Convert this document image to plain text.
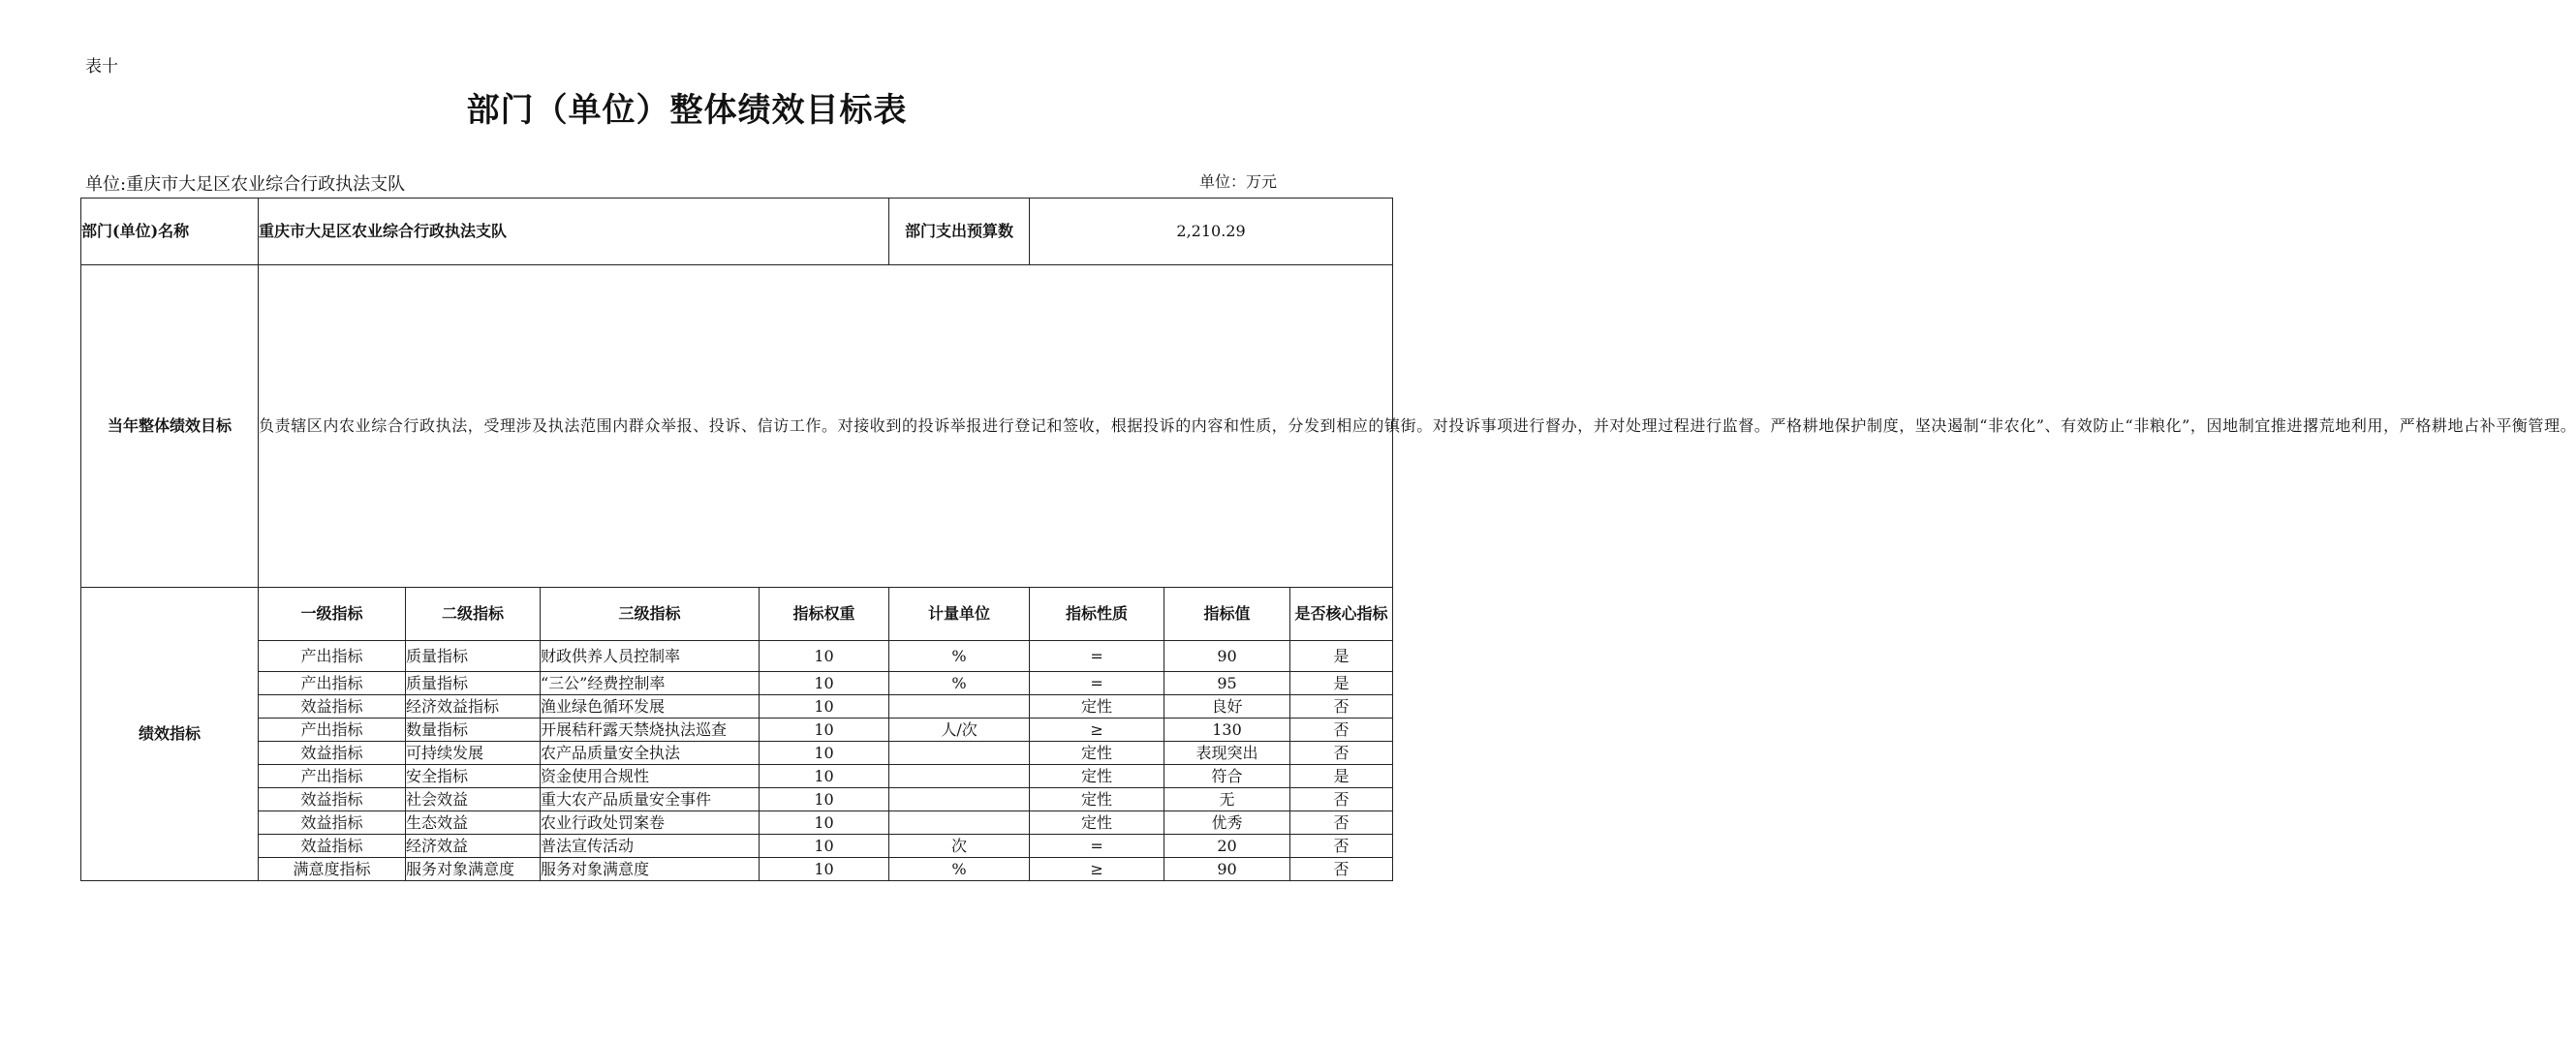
表十
部门（单位）整体绩效目标表
单位:重庆市大足区农业综合行政执法支队	单位：万元
部门(单位)名称	重庆市大足区农业综合行政执法支队				部门支出预算数	2,210.29		
当年整体绩效目标	负责辖区内农业综合行政执法，受理涉及执法范围内群众举报、投诉、信访工作。对接收到的投诉举报进行登记和签收，根据投诉的内容和性质，分发到相应的镇街。对投诉事项进行督办，并对处理过程进行监督。严格耕地保护制度，坚决遏制“非农化”、有效防止“非粮化”，因地制宜推进撂荒地利用，严格耕地占补平衡管理。							
绩效指标	一级指标	二级指标	三级指标	指标权重	计量单位	指标性质	指标值	是否核心指标
	产出指标	质量指标	财政供养人员控制率	10	%	=	90	是
	产出指标	质量指标	“三公”经费控制率	10	%	=	95	是
	效益指标	经济效益指标	渔业绿色循环发展	10		定性	良好	否
	产出指标	数量指标	开展秸秆露天禁烧执法巡查	10	人/次	≥	130	否
	效益指标	可持续发展	农产品质量安全执法	10		定性	表现突出	否
	产出指标	安全指标	资金使用合规性	10		定性	符合	是
	效益指标	社会效益	重大农产品质量安全事件	10		定性	无	否
	效益指标	生态效益	农业行政处罚案卷	10		定性	优秀	否
	效益指标	经济效益	普法宣传活动	10	次	=	20	否
	满意度指标	服务对象满意度	服务对象满意度	10	%	≥	90	否
